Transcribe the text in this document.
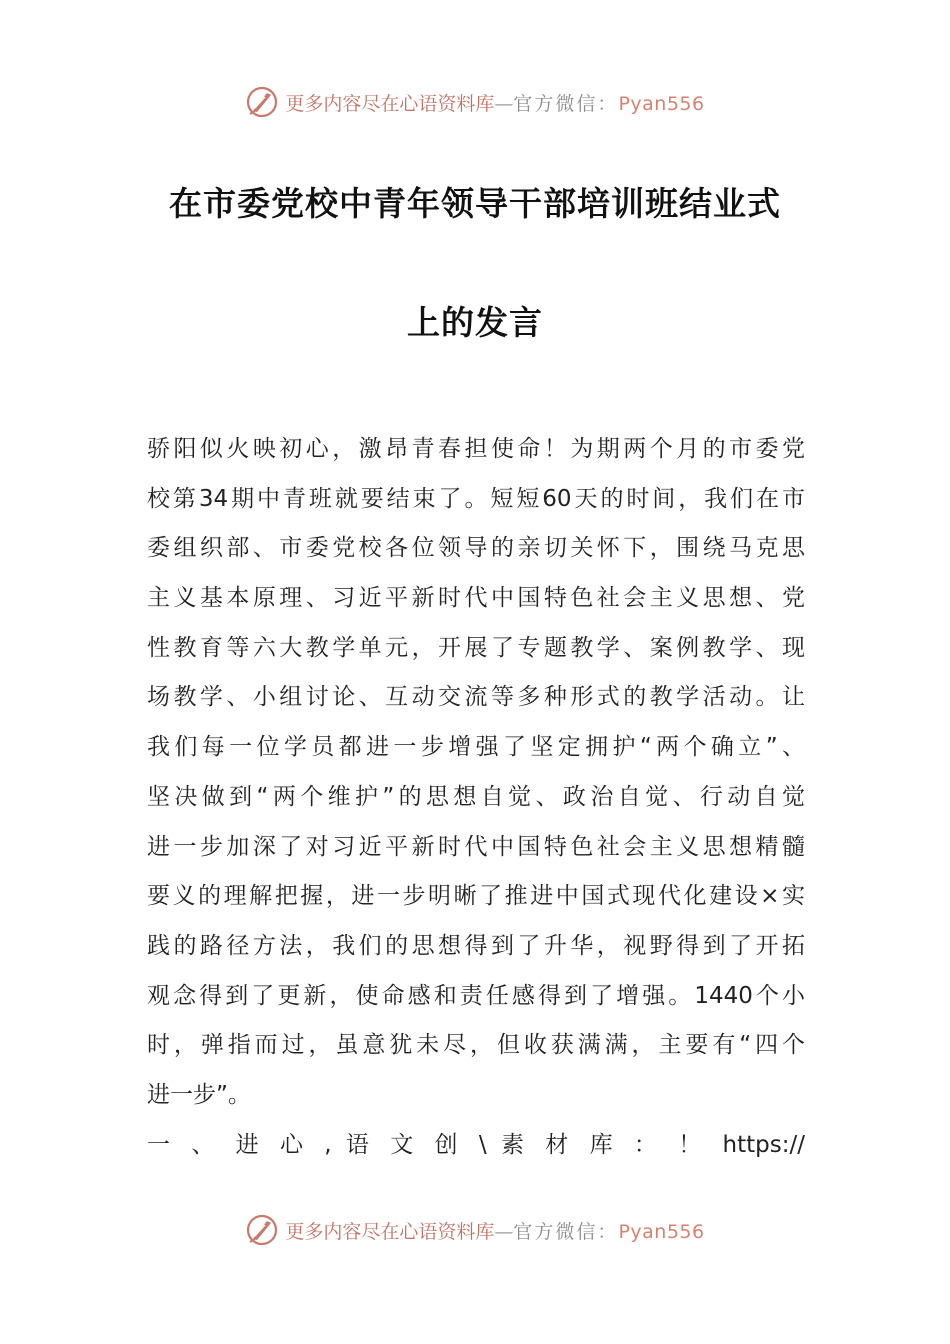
更多内容尽在心语资料库—官方微信：Pyan556
在市委党校中青年领导干部培训班结业式
上的发言
骄阳似火映初心，激昂青春担使命！为期两个月的市委党
校第34期中青班就要结束了。短短60天的时间，我们在市
委组织部、市委党校各位领导的亲切关怀下，围绕马克思
主义基本原理、习近平新时代中国特色社会主义思想、党
性教育等六大教学单元，开展了专题教学、案例教学、现
场教学、小组讨论、互动交流等多种形式的教学活动。让
我们每一位学员都进一步增强了坚定拥护“两个确立”、
坚决做到“两个维护”的思想自觉、政治自觉、行动自觉
进一步加深了对习近平新时代中国特色社会主义思想精髓
要义的理解把握，进一步明晰了推进中国式现代化建设×实
践的路径方法，我们的思想得到了升华，视野得到了开拓
观念得到了更新，使命感和责任感得到了增强。1440个小
时，弹指而过，虽意犹未尽，但收获满满，主要有“四个
进一步”。
一 、 进 心 , 语 文 创 \ 素 材 库 ： ！ https://
更多内容尽在心语资料库—官方微信：Pyan556
